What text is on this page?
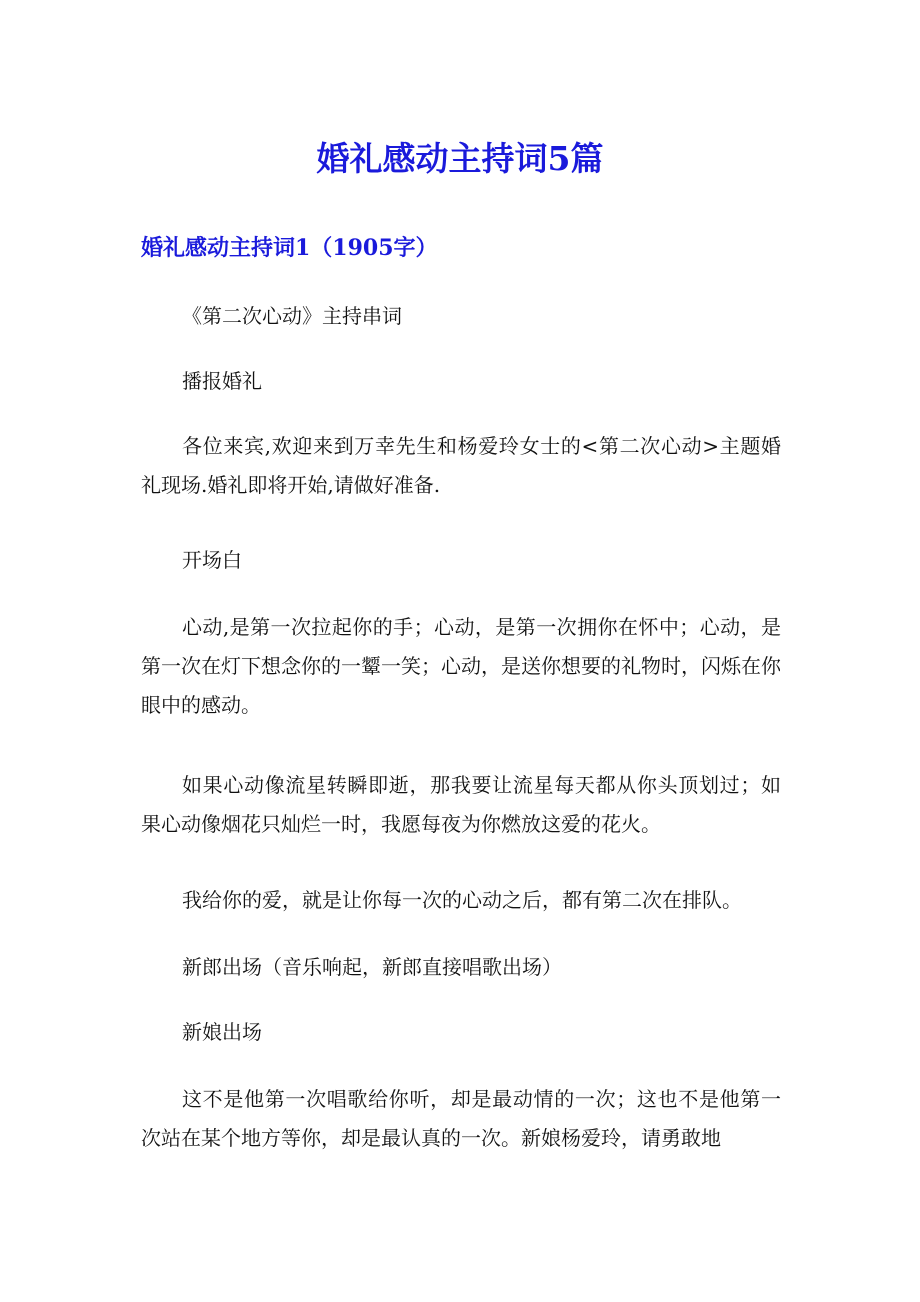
婚礼感动主持词5篇
婚礼感动主持词1（1905字）

《第二次心动》主持串词

播报婚礼

各位来宾,欢迎来到万幸先生和杨爱玲女士的<第二次心动>主题婚礼现场.婚礼即将开始,请做好准备.

开场白

心动,是第一次拉起你的手；心动，是第一次拥你在怀中；心动，是第一次在灯下想念你的一颦一笑；心动，是送你想要的礼物时，闪烁在你眼中的感动。

如果心动像流星转瞬即逝，那我要让流星每天都从你头顶划过；如果心动像烟花只灿烂一时，我愿每夜为你燃放这爱的花火。

我给你的爱，就是让你每一次的心动之后，都有第二次在排队。

新郎出场（音乐响起，新郎直接唱歌出场）

新娘出场

这不是他第一次唱歌给你听，却是最动情的一次；这也不是他第一次站在某个地方等你，却是最认真的一次。新娘杨爱玲，请勇敢地
